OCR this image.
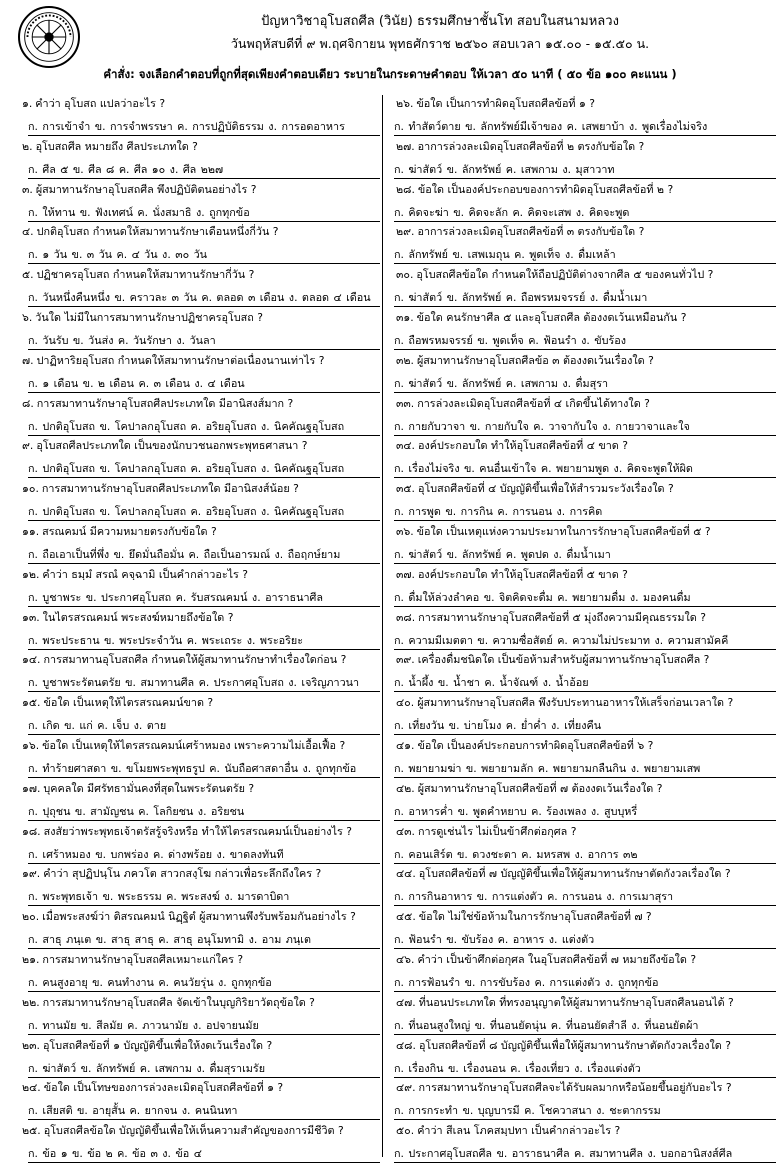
ปัญหาวิชาอุโบสถศีล (วินัย) ธรรมศึกษาชั้นโท สอบในสนามหลวง
วันพฤหัสบดีที่ ๙ พ.ฤศจิกายน พุทธศักราช ๒๕๖๐ สอบเวลา ๑๕.๐๐ - ๑๕.๕๐ น.
คำสั่ง: จงเลือกคำตอบที่ถูกที่สุดเพียงคำตอบเดียว ระบายในกระดาษคำตอบ ให้เวลา ๕๐ นาที ( ๕๐ ข้อ ๑๐๐ คะแนน )
๑. คำว่า อุโบสถ แปลว่าอะไร ?
ก. การเข้าจำ ข. การจำพรรษา ค. การปฏิบัติธรรม ง. การอดอาหาร
๒. อุโบสถศีล หมายถึง ศีลประเภทใด ?
ก. ศีล ๕ ข. ศีล ๘ ค. ศีล ๑๐ ง. ศีล ๒๒๗
๓. ผู้สมาทานรักษาอุโบสถศีล พึงปฏิบัติตนอย่างไร ?
ก. ให้ทาน ข. ฟังเทศน์ ค. นั่งสมาธิ ง. ถูกทุกข้อ
๔. ปกติอุโบสถ กำหนดให้สมาทานรักษาเดือนหนึ่งกี่วัน ?
ก. ๑ วัน ข. ๓ วัน ค. ๔ วัน ง. ๓๐ วัน
๕. ปฏิชาครอุโบสถ กำหนดให้สมาทานรักษากี่วัน ?
ก. วันหนึ่งคืนหนึ่ง ข. คราวละ ๓ วัน ค. ตลอด ๓ เดือน ง. ตลอด ๔ เดือน
๖. วันใด ไม่มีในการสมาทานรักษาปฏิชาครอุโบสถ ?
ก. วันรับ ข. วันส่ง ค. วันรักษา ง. วันลา
๗. ปาฏิหาริยอุโบสถ กำหนดให้สมาทานรักษาต่อเนื่องนานเท่าไร ?
ก. ๑ เดือน ข. ๒ เดือน ค. ๓ เดือน ง. ๔ เดือน
๘. การสมาทานรักษาอุโบสถศีลประเภทใด มีอานิสงส์มาก ?
ก. ปกติอุโบสถ ข. โคปาลกอุโบสถ ค. อริยอุโบสถ ง. นิคคัณฐอุโบสถ
๙. อุโบสถศีลประเภทใด เป็นของนักบวชนอกพระพุทธศาสนา ?
ก. ปกติอุโบสถ ข. โคปาลกอุโบสถ ค. อริยอุโบสถ ง. นิคคัณฐอุโบสถ
๑๐. การสมาทานรักษาอุโบสถศีลประเภทใด มีอานิสงส์น้อย ?
ก. ปกติอุโบสถ ข. โคปาลกอุโบสถ ค. อริยอุโบสถ ง. นิคคัณฐอุโบสถ
๑๑. สรณคมน์ มีความหมายตรงกับข้อใด ?
ก. ถือเอาเป็นที่พึ่ง ข. ยึดมั่นถือมั่น ค. ถือเป็นอารมณ์ ง. ถือฤกษ์ยาม
๑๒. คำว่า ธมฺมํ สรณํ คจฺฉามิ เป็นคำกล่าวอะไร ?
ก. บูชาพระ ข. ประกาศอุโบสถ ค. รับสรณคมน์ ง. อาราธนาศีล
๑๓. ในไตรสรณคมน์ พระสงฆ์หมายถึงข้อใด ?
ก. พระประธาน ข. พระประจำวัน ค. พระเถระ ง. พระอริยะ
๑๔. การสมาทานอุโบสถศีล กำหนดให้ผู้สมาทานรักษาทำเรื่องใดก่อน ?
ก. บูชาพระรัตนตรัย ข. สมาทานศีล ค. ประกาศอุโบสถ ง. เจริญภาวนา
๑๕. ข้อใด เป็นเหตุให้ไตรสรณคมน์ขาด ?
ก. เกิด ข. แก่ ค. เจ็บ ง. ตาย
๑๖. ข้อใด เป็นเหตุให้ไตรสรณคมน์เศร้าหมอง เพราะความไม่เอื้อเฟื้อ ?
ก. ทำร้ายศาสดา ข. ขโมยพระพุทธรูป ค. นับถือศาสดาอื่น ง. ถูกทุกข้อ
๑๗. บุคคลใด มีศรัทธามั่นคงที่สุดในพระรัตนตรัย ?
ก. ปุถุชน ข. สามัญชน ค. โลกิยชน ง. อริยชน
๑๘. สงสัยว่าพระพุทธเจ้าตรัสรู้จริงหรือ ทำให้ไตรสรณคมน์เป็นอย่างไร ?
ก. เศร้าหมอง ข. บกพร่อง ค. ด่างพร้อย ง. ขาดลงทันที
๑๙. คำว่า สุปฏิปนฺโน ภควโต สาวกสงฺโฆ กล่าวเพื่อระลึกถึงใคร ?
ก. พระพุทธเจ้า ข. พระธรรม ค. พระสงฆ์ ง. มารดาบิดา
๒๐. เมื่อพระสงฆ์ว่า ติสรณคมนํ นิฏฺฐิตํ ผู้สมาทานพึงรับพร้อมกันอย่างไร ?
ก. สาธุ ภนฺเต ข. สาธุ สาธุ ค. สาธุ อนุโมทามิ ง. อาม ภนฺเต
๒๑. การสมาทานรักษาอุโบสถศีลเหมาะแก่ใคร ?
ก. คนสูงอายุ ข. คนทำงาน ค. คนวัยรุ่น ง. ถูกทุกข้อ
๒๒. การสมาทานรักษาอุโบสถศีล จัดเข้าในบุญกิริยาวัตถุข้อใด ?
ก. ทานมัย ข. สีลมัย ค. ภาวนามัย ง. อปจายนมัย
๒๓. อุโบสถศีลข้อที่ ๑ บัญญัติขึ้นเพื่อให้งดเว้นเรื่องใด ?
ก. ฆ่าสัตว์ ข. ลักทรัพย์ ค. เสพกาม ง. ดื่มสุราเมรัย
๒๔. ข้อใด เป็นโทษของการล่วงละเมิดอุโบสถศีลข้อที่ ๑ ?
ก. เสียสติ ข. อายุสั้น ค. ยากจน ง. คนนินทา
๒๕. อุโบสถศีลข้อใด บัญญัติขึ้นเพื่อให้เห็นความสำคัญของการมีชีวิต ?
ก. ข้อ ๑ ข. ข้อ ๒ ค. ข้อ ๓ ง. ข้อ ๔
๒๖. ข้อใด เป็นการทำผิดอุโบสถศีลข้อที่ ๑ ?
ก. ทำสัตว์ตาย ข. ลักทรัพย์มีเจ้าของ ค. เสพยาบ้า ง. พูดเรื่องไม่จริง
๒๗. อาการล่วงละเมิดอุโบสถศีลข้อที่ ๒ ตรงกับข้อใด ?
ก. ฆ่าสัตว์ ข. ลักทรัพย์ ค. เสพกาม ง. มุสาวาท
๒๘. ข้อใด เป็นองค์ประกอบของการทำผิดอุโบสถศีลข้อที่ ๒ ?
ก. คิดจะฆ่า ข. คิดจะลัก ค. คิดจะเสพ ง. คิดจะพูด
๒๙. อาการล่วงละเมิดอุโบสถศีลข้อที่ ๓ ตรงกับข้อใด ?
ก. ลักทรัพย์ ข. เสพเมถุน ค. พูดเท็จ ง. ดื่มเหล้า
๓๐. อุโบสถศีลข้อใด กำหนดให้ถือปฏิบัติต่างจากศีล ๕ ของคนทั่วไป ?
ก. ฆ่าสัตว์ ข. ลักทรัพย์ ค. ถือพรหมจรรย์ ง. ดื่มน้ำเมา
๓๑. ข้อใด คนรักษาศีล ๕ และอุโบสถศีล ต้องงดเว้นเหมือนกัน ?
ก. ถือพรหมจรรย์ ข. พูดเท็จ ค. ฟ้อนรำ ง. ขับร้อง
๓๒. ผู้สมาทานรักษาอุโบสถศีลข้อ ๓ ต้องงดเว้นเรื่องใด ?
ก. ฆ่าสัตว์ ข. ลักทรัพย์ ค. เสพกาม ง. ดื่มสุรา
๓๓. การล่วงละเมิดอุโบสถศีลข้อที่ ๔ เกิดขึ้นได้ทางใด ?
ก. กายกับวาจา ข. กายกับใจ ค. วาจากับใจ ง. กายวาจาและใจ
๓๔. องค์ประกอบใด ทำให้อุโบสถศีลข้อที่ ๔ ขาด ?
ก. เรื่องไม่จริง ข. คนอื่นเข้าใจ ค. พยายามพูด ง. คิดจะพูดให้ผิด
๓๕. อุโบสถศีลข้อที่ ๔ บัญญัติขึ้นเพื่อให้สำรวมระวังเรื่องใด ?
ก. การพูด ข. การกิน ค. การนอน ง. การคิด
๓๖. ข้อใด เป็นเหตุแห่งความประมาทในการรักษาอุโบสถศีลข้อที่ ๕ ?
ก. ฆ่าสัตว์ ข. ลักทรัพย์ ค. พูดปด ง. ดื่มน้ำเมา
๓๗. องค์ประกอบใด ทำให้อุโบสถศีลข้อที่ ๕ ขาด ?
ก. ดื่มให้ล่วงลำคอ ข. จิตคิดจะดื่ม ค. พยายามดื่ม ง. มองคนดื่ม
๓๘. การสมาทานรักษาอุโบสถศีลข้อที่ ๕ มุ่งถึงความมีคุณธรรมใด ?
ก. ความมีเมตตา ข. ความซื่อสัตย์ ค. ความไม่ประมาท ง. ความสามัคคี
๓๙. เครื่องดื่มชนิดใด เป็นข้อห้ามสำหรับผู้สมาทานรักษาอุโบสถศีล ?
ก. น้ำผึ้ง ข. น้ำชา ค. น้ำจัณฑ์ ง. น้ำอ้อย
๔๐. ผู้สมาทานรักษาอุโบสถศีล พึงรับประทานอาหารให้เสร็จก่อนเวลาใด ?
ก. เที่ยงวัน ข. บ่ายโมง ค. ย่ำค่ำ ง. เที่ยงคืน
๔๑. ข้อใด เป็นองค์ประกอบการทำผิดอุโบสถศีลข้อที่ ๖ ?
ก. พยายามฆ่า ข. พยายามลัก ค. พยายามกลืนกิน ง. พยายามเสพ
๔๒. ผู้สมาทานรักษาอุโบสถศีลข้อที่ ๗ ต้องงดเว้นเรื่องใด ?
ก. อาหารค่ำ ข. พูดคำหยาบ ค. ร้องเพลง ง. สูบบุหรี่
๔๓. การดูเช่นไร ไม่เป็นข้าศึกต่อกุศล ?
ก. คอนเสิร์ต ข. ดวงชะตา ค. มหรสพ ง. อาการ ๓๒
๔๔. อุโบสถศีลข้อที่ ๗ บัญญัติขึ้นเพื่อให้ผู้สมาทานรักษาตัดกังวลเรื่องใด ?
ก. การกินอาหาร ข. การแต่งตัว ค. การนอน ง. การเมาสุรา
๔๕. ข้อใด ไม่ใช่ข้อห้ามในการรักษาอุโบสถศีลข้อที่ ๗ ?
ก. ฟ้อนรำ ข. ขับร้อง ค. อาหาร ง. แต่งตัว
๔๖. คำว่า เป็นข้าศึกต่อกุศล ในอุโบสถศีลข้อที่ ๗ หมายถึงข้อใด ?
ก. การฟ้อนรำ ข. การขับร้อง ค. การแต่งตัว ง. ถูกทุกข้อ
๔๗. ที่นอนประเภทใด ที่ทรงอนุญาตให้ผู้สมาทานรักษาอุโบสถศีลนอนได้ ?
ก. ที่นอนสูงใหญ่ ข. ที่นอนยัดนุ่น ค. ที่นอนยัดสำลี ง. ที่นอนยัดผ้า
๔๘. อุโบสถศีลข้อที่ ๘ บัญญัติขึ้นเพื่อให้ผู้สมาทานรักษาตัดกังวลเรื่องใด ?
ก. เรื่องกิน ข. เรื่องนอน ค. เรื่องเที่ยว ง. เรื่องแต่งตัว
๔๙. การสมาทานรักษาอุโบสถศีลจะได้รับผลมากหรือน้อยขึ้นอยู่กับอะไร ?
ก. การกระทำ ข. บุญบารมี ค. โชควาสนา ง. ชะตากรรม
๕๐. คำว่า สีเลน โภคสมฺปทา เป็นคำกล่าวอะไร ?
ก. ประกาศอุโบสถศีล ข. อาราธนาศีล ค. สมาทานศีล ง. บอกอานิสงส์ศีล
